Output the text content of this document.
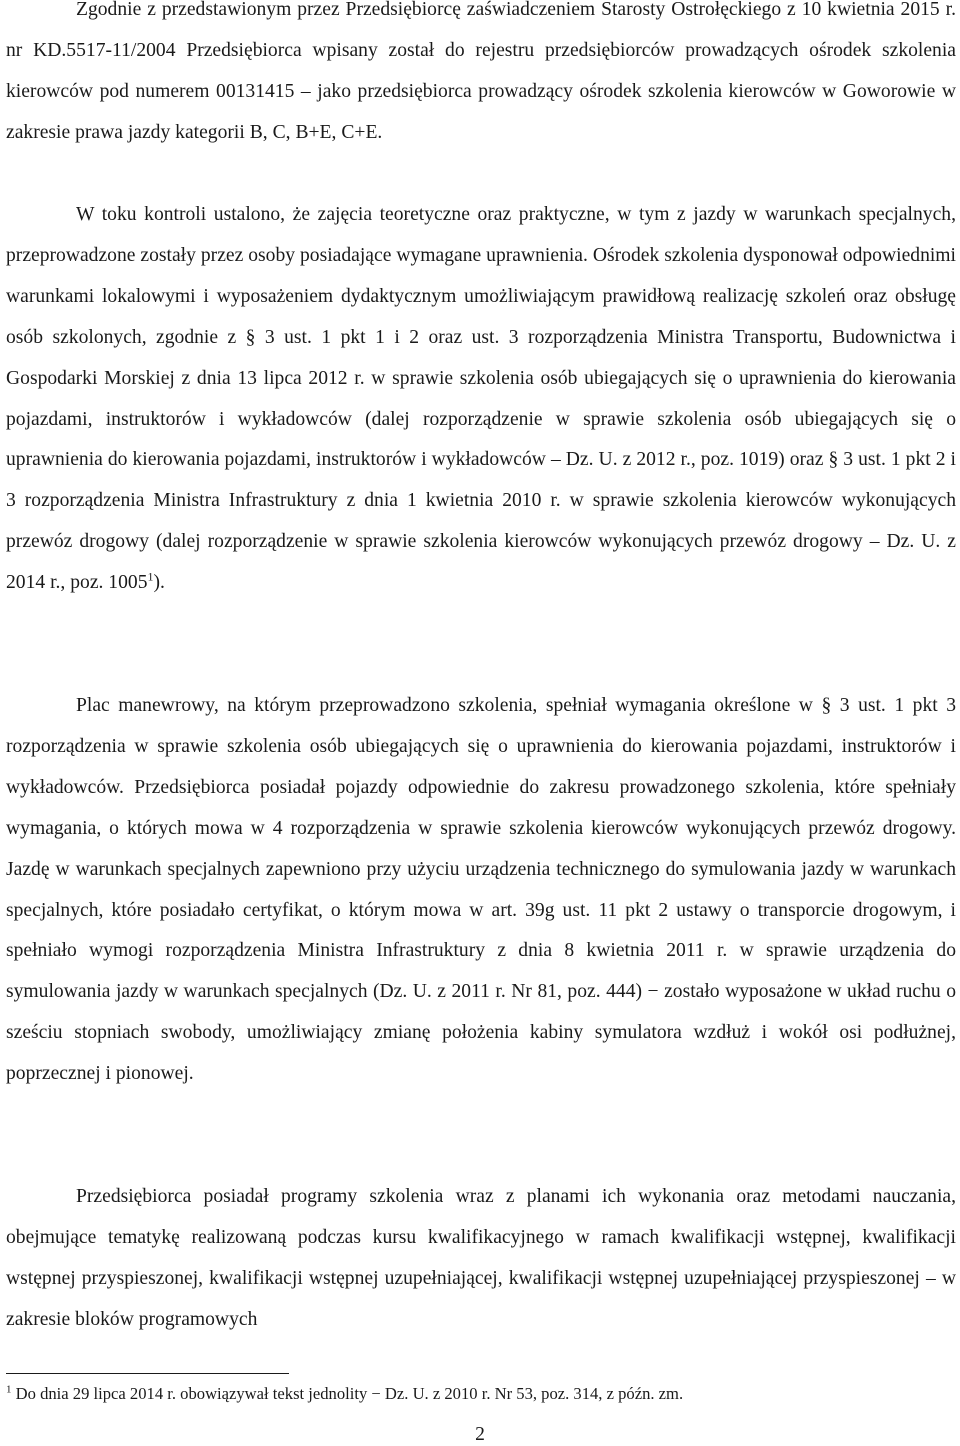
Zgodnie z przedstawionym przez Przedsiębiorcę zaświadczeniem Starosty Ostrołęckiego z 10 kwietnia 2015 r. nr KD.5517-11/2004 Przedsiębiorca wpisany został do rejestru przedsiębiorców prowadzących ośrodek szkolenia kierowców pod numerem 00131415 – jako przedsiębiorca prowadzący ośrodek szkolenia kierowców w Goworowie w zakresie prawa jazdy kategorii B, C, B+E, C+E.

W toku kontroli ustalono, że zajęcia teoretyczne oraz praktyczne, w tym z jazdy w warunkach specjalnych, przeprowadzone zostały przez osoby posiadające wymagane uprawnienia. Ośrodek szkolenia dysponował odpowiednimi warunkami lokalowymi i wyposażeniem dydaktycznym umożliwiającym prawidłową realizację szkoleń oraz obsługę osób szkolonych, zgodnie z § 3 ust. 1 pkt 1 i 2 oraz ust. 3 rozporządzenia Ministra Transportu, Budownictwa i Gospodarki Morskiej z dnia 13 lipca 2012 r. w sprawie szkolenia osób ubiegających się o uprawnienia do kierowania pojazdami, instruktorów i wykładowców (dalej rozporządzenie w sprawie szkolenia osób ubiegających się o uprawnienia do kierowania pojazdami, instruktorów i wykładowców – Dz. U. z 2012 r., poz. 1019) oraz § 3 ust. 1 pkt 2 i 3 rozporządzenia Ministra Infrastruktury z dnia 1 kwietnia 2010 r. w sprawie szkolenia kierowców wykonujących przewóz drogowy (dalej rozporządzenie w sprawie szkolenia kierowców wykonujących przewóz drogowy – Dz. U. z 2014 r., poz. 1005$^1$).

Plac manewrowy, na którym przeprowadzono szkolenia, spełniał wymagania określone w § 3 ust. 1 pkt 3 rozporządzenia w sprawie szkolenia osób ubiegających się o uprawnienia do kierowania pojazdami, instruktorów i wykładowców. Przedsiębiorca posiadał pojazdy odpowiednie do zakresu prowadzonego szkolenia, które spełniały wymagania, o których mowa w 4 rozporządzenia w sprawie szkolenia kierowców wykonujących przewóz drogowy. Jazdę w warunkach specjalnych zapewniono przy użyciu urządzenia technicznego do symulowania jazdy w warunkach specjalnych, które posiadało certyfikat, o którym mowa w art. 39g ust. 11 pkt 2 ustawy o transporcie drogowym, i spełniało wymogi rozporządzenia Ministra Infrastruktury z dnia 8 kwietnia 2011 r. w sprawie urządzenia do symulowania jazdy w warunkach specjalnych (Dz. U. z 2011 r. Nr 81, poz. 444) − zostało wyposażone w układ ruchu o sześciu stopniach swobody, umożliwiający zmianę położenia kabiny symulatora wzdłuż i wokół osi podłużnej, poprzecznej i pionowej.

Przedsiębiorca posiadał programy szkolenia wraz z planami ich wykonania oraz metodami nauczania, obejmujące tematykę realizowaną podczas kursu kwalifikacyjnego w ramach kwalifikacji wstępnej, kwalifikacji wstępnej przyspieszonej, kwalifikacji wstępnej uzupełniającej, kwalifikacji wstępnej uzupełniającej przyspieszonej – w zakresie bloków programowych

$^1$ Do dnia 29 lipca 2014 r. obowiązywał tekst jednolity − Dz. U. z 2010 r. Nr 53, poz. 314, z późn. zm.
2
